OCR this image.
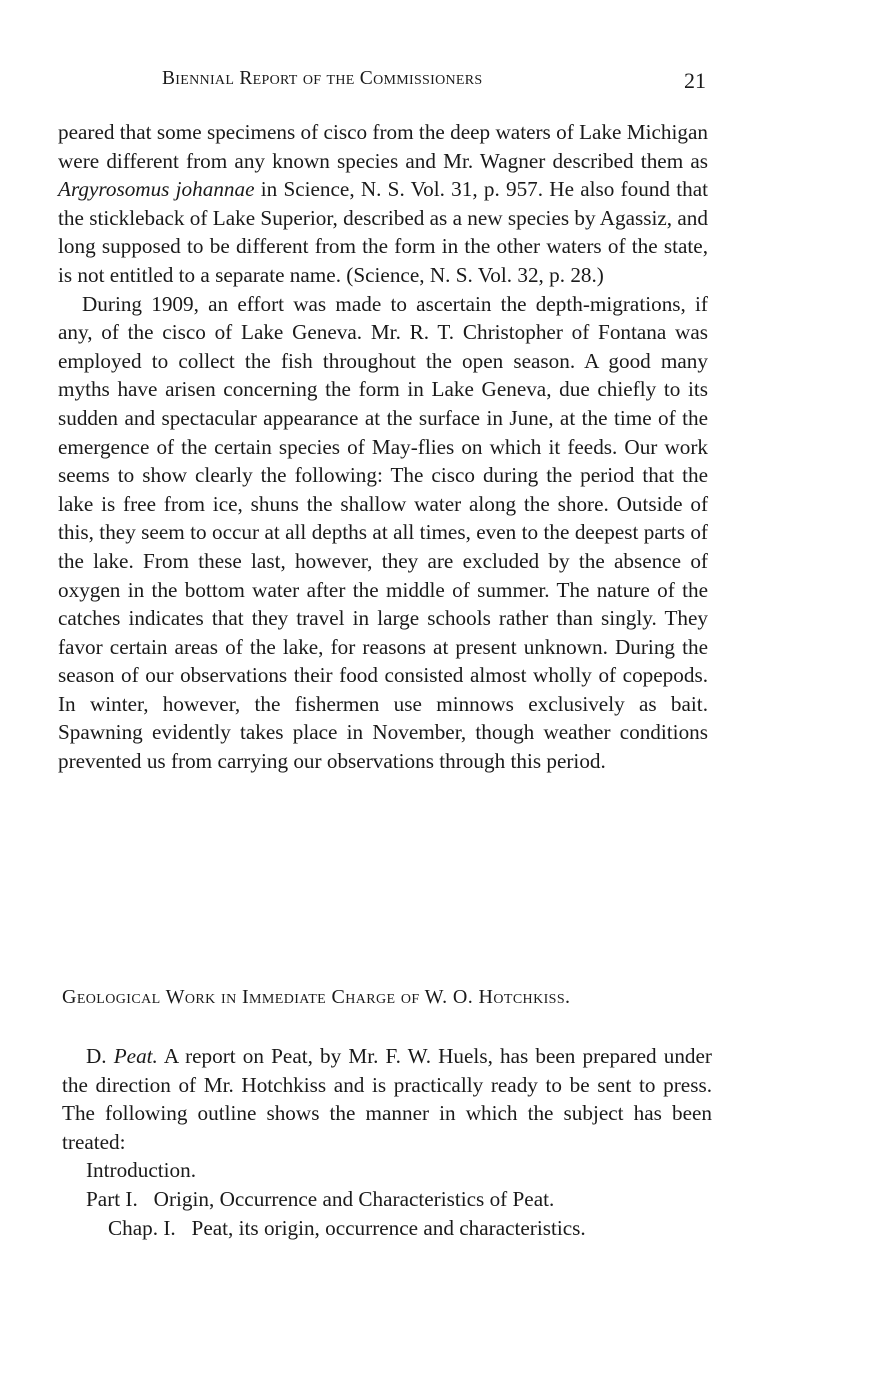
Biennial Report of the Commissioners	21

peared that some specimens of cisco from the deep waters of Lake Michigan were different from any known species and Mr. Wagner described them as Argyrosomus johannae in Science, N. S. Vol. 31, p. 957. He also found that the stickleback of Lake Superior, described as a new species by Agassiz, and long supposed to be different from the form in the other waters of the state, is not entitled to a separate name. (Science, N. S. Vol. 32, p. 28.)

During 1909, an effort was made to ascertain the depth-migrations, if any, of the cisco of Lake Geneva. Mr. R. T. Christopher of Fontana was employed to collect the fish throughout the open season. A good many myths have arisen concerning the form in Lake Geneva, due chiefly to its sudden and spectacular appearance at the surface in June, at the time of the emergence of the certain species of May-flies on which it feeds. Our work seems to show clearly the following: The cisco during the period that the lake is free from ice, shuns the shallow water along the shore. Outside of this, they seem to occur at all depths at all times, even to the deepest parts of the lake. From these last, however, they are excluded by the absence of oxygen in the bottom water after the middle of summer. The nature of the catches indicates that they travel in large schools rather than singly. They favor certain areas of the lake, for reasons at present unknown. During the season of our observations their food consisted almost wholly of copepods. In winter, however, the fishermen use minnows exclusively as bait. Spawning evidently takes place in November, though weather conditions prevented us from carrying our observations through this period.

Geological Work in Immediate Charge of W. O. Hotchkiss.

D. Peat. A report on Peat, by Mr. F. W. Huels, has been prepared under the direction of Mr. Hotchkiss and is practically ready to be sent to press. The following outline shows the manner in which the subject has been treated:

Introduction.

Part I.   Origin, Occurrence and Characteristics of Peat.

Chap. I.   Peat, its origin, occurrence and characteristics.
